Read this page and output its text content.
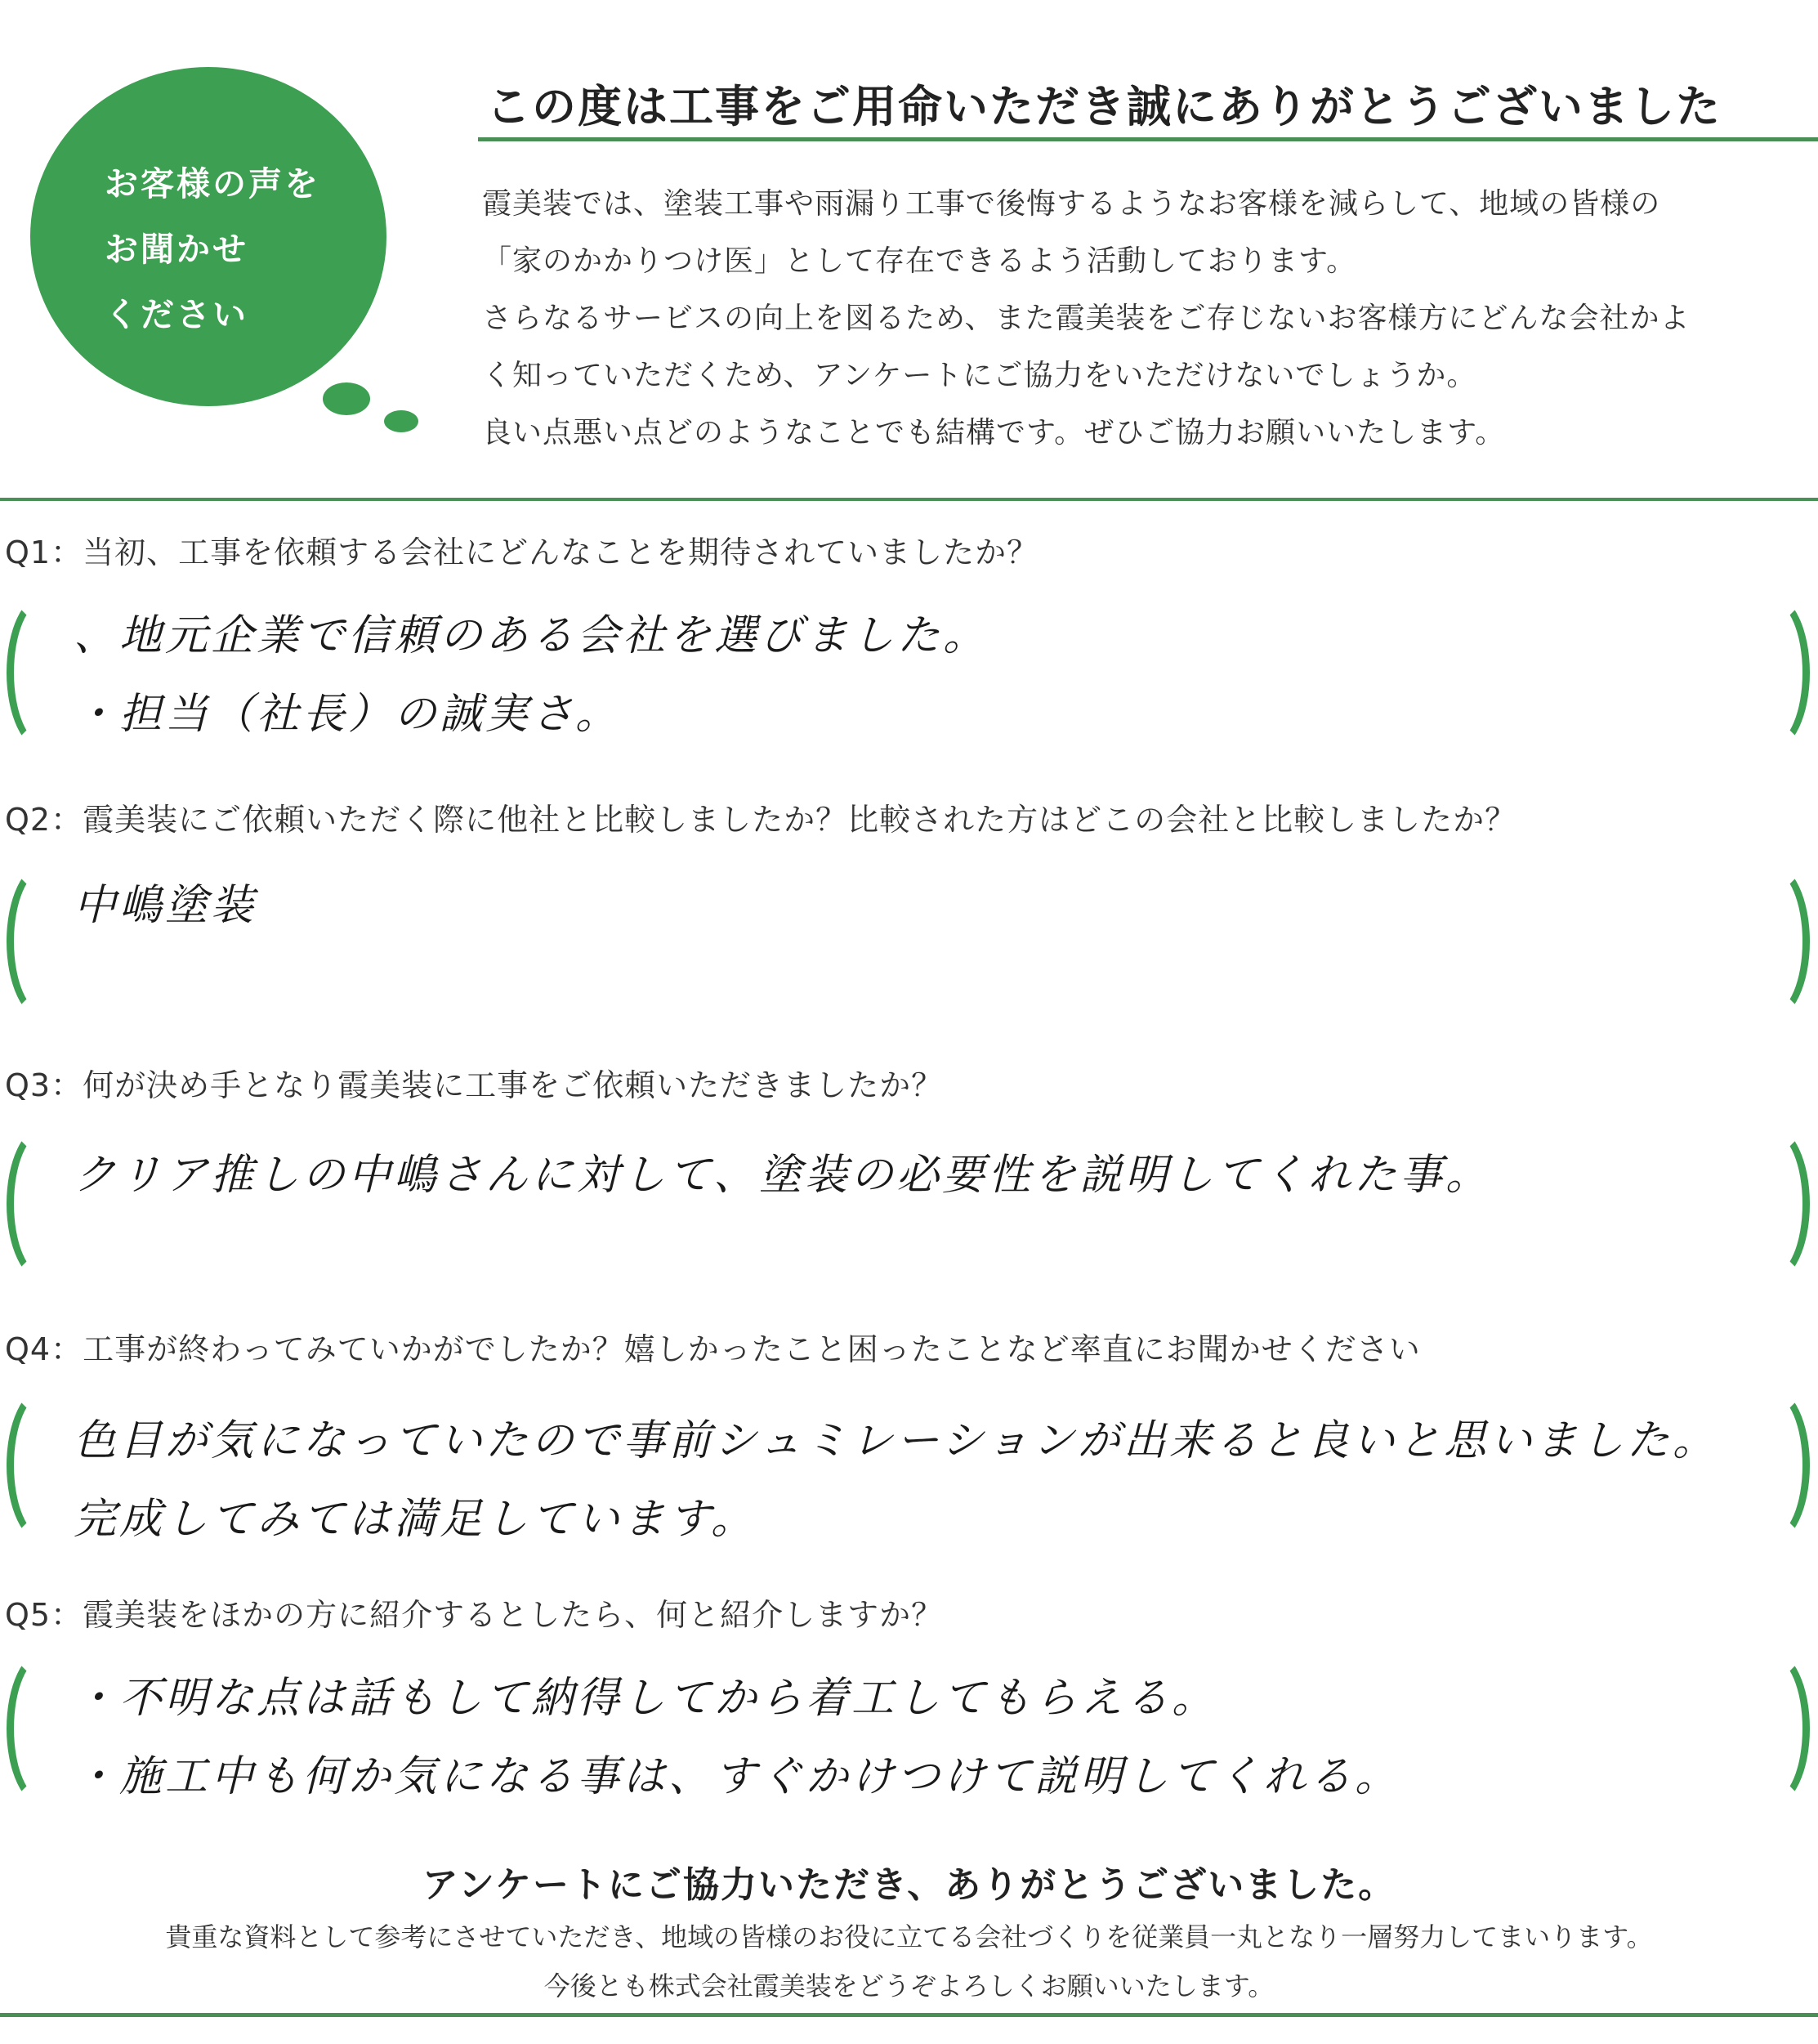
お客様の声を
お聞かせ
ください
この度は工事をご用命いただき誠にありがとうございました
霞美装では、塗装工事や雨漏り工事で後悔するようなお客様を減らして、地域の皆様の
「家のかかりつけ医」として存在できるよう活動しております。
さらなるサービスの向上を図るため、また霞美装をご存じないお客様方にどんな会社かよ
く知っていただくため、アンケートにご協力をいただけないでしょうか。
良い点悪い点どのようなことでも結構です。ぜひご協力お願いいたします。
Q1：当初、工事を依頼する会社にどんなことを期待されていましたか？
、地元企業で信頼のある会社を選びました。
・担当（社長）の誠実さ。
Q2：霞美装にご依頼いただく際に他社と比較しましたか？比較された方はどこの会社と比較しましたか？
中嶋塗装
Q3：何が決め手となり霞美装に工事をご依頼いただきましたか？
クリア推しの中嶋さんに対して、塗装の必要性を説明してくれた事。
Q4：工事が終わってみていかがでしたか？嬉しかったこと困ったことなど率直にお聞かせください
色目が気になっていたので事前シュミレーションが出来ると良いと思いました。
完成してみては満足しています。
Q5：霞美装をほかの方に紹介するとしたら、何と紹介しますか？
・不明な点は話もして納得してから着工してもらえる。
・施工中も何か気になる事は、すぐかけつけて説明してくれる。
アンケートにご協力いただき、ありがとうございました。
貴重な資料として参考にさせていただき、地域の皆様のお役に立てる会社づくりを従業員一丸となり一層努力してまいります。
今後とも株式会社霞美装をどうぞよろしくお願いいたします。
